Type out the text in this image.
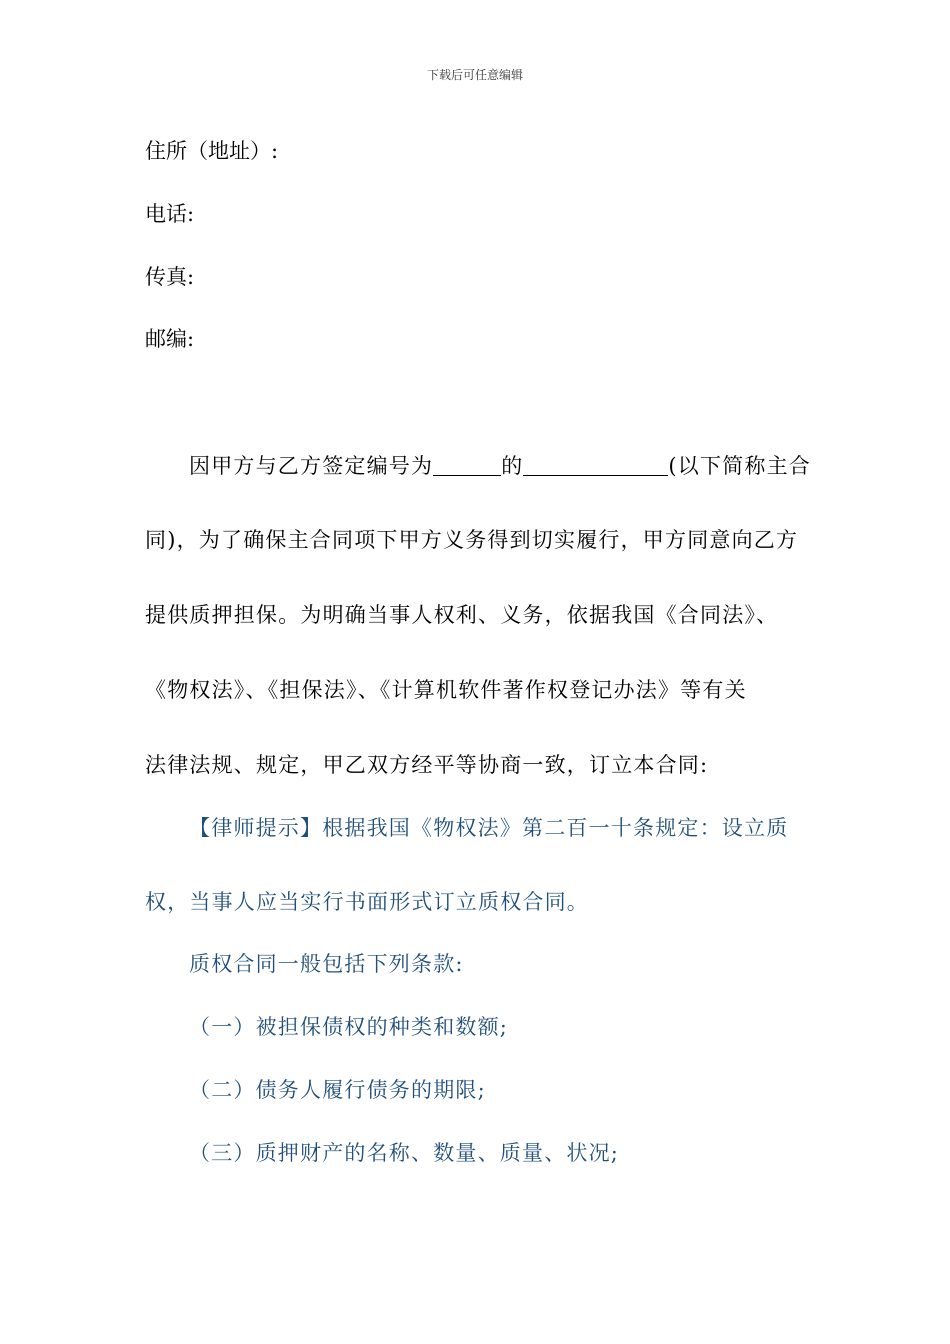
下载后可任意编辑
住所（地址）:
电话:
传真:
邮编:
因甲方与乙方签定编号为	的	(以下简称主合
同)，为了确保主合同项下甲方义务得到切实履行，甲方同意向乙方
提供质押担保。为明确当事人权利、义务，依据我国《合同法》、
《物权法》、《担保法》、《计算机软件著作权登记办法》等有关
法律法规、规定，甲乙双方经平等协商一致，订立本合同:
【律师提示】根据我国《物权法》第二百一十条规定：设立质
权，当事人应当实行书面形式订立质权合同。
质权合同一般包括下列条款:
（一）被担保债权的种类和数额;
（二）债务人履行债务的期限;
（三）质押财产的名称、数量、质量、状况;
